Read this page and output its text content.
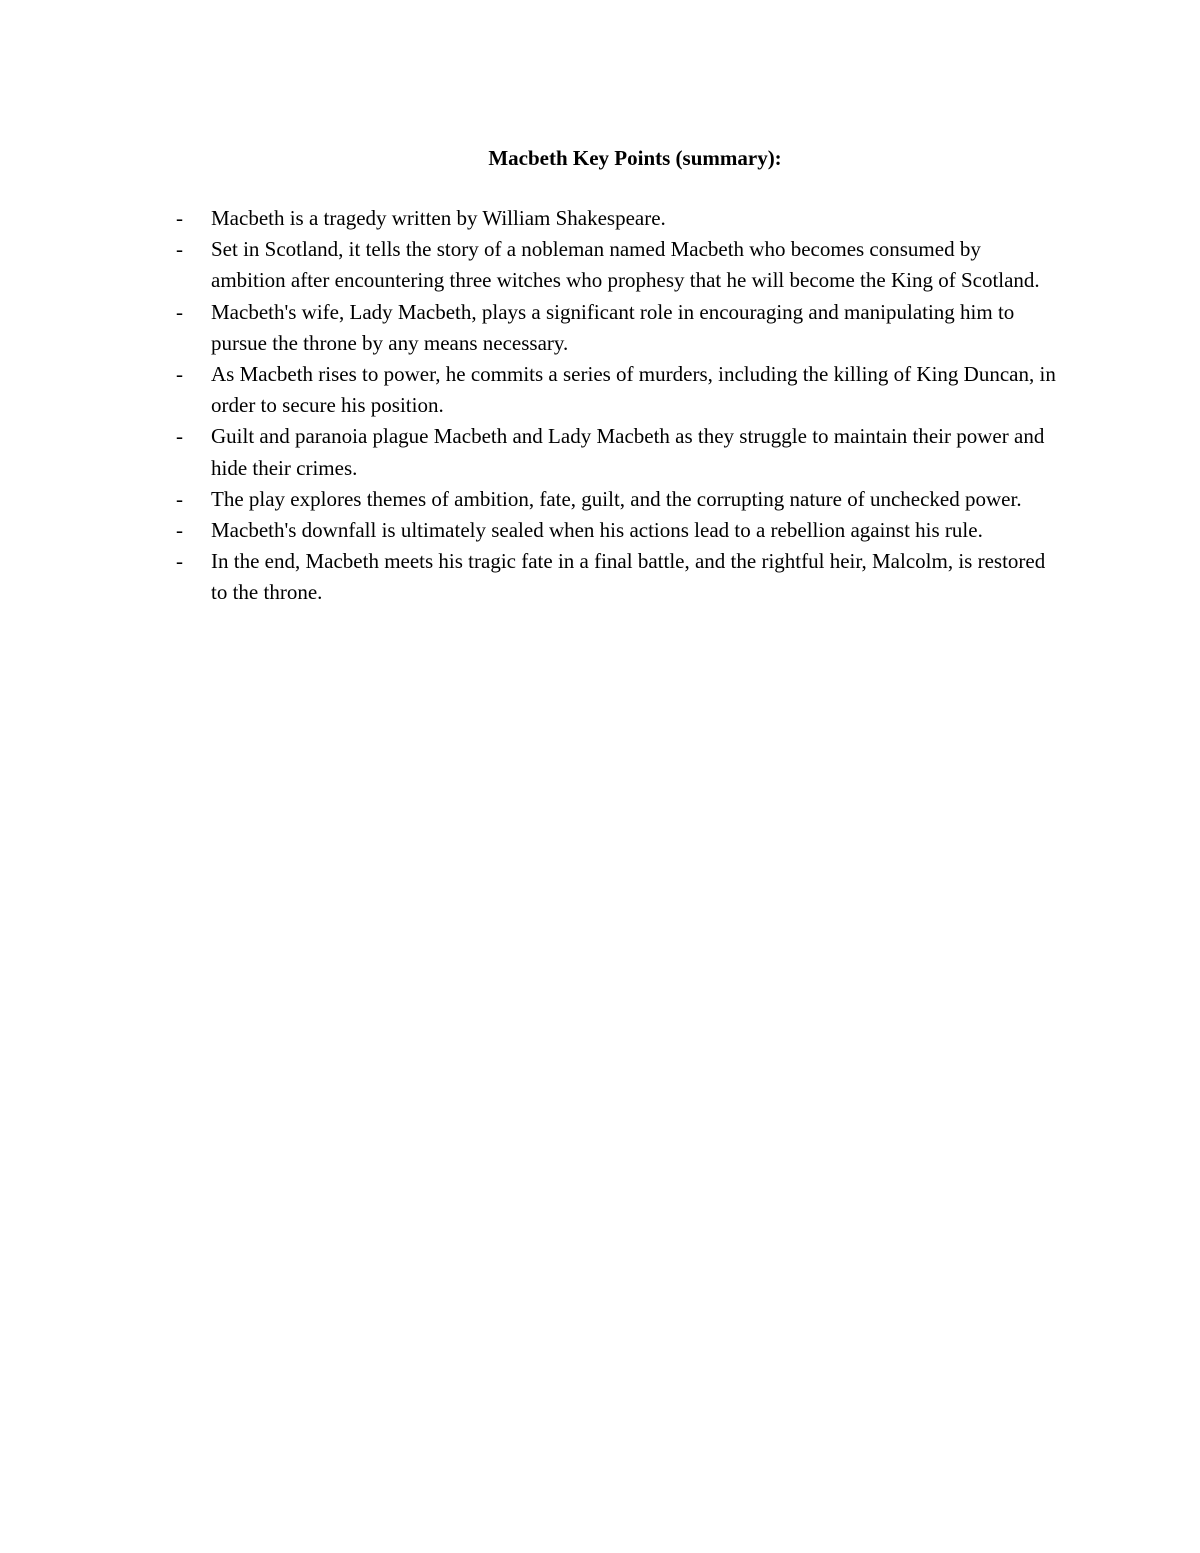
Macbeth Key Points (summary):
- Macbeth is a tragedy written by William Shakespeare.
- Set in Scotland, it tells the story of a nobleman named Macbeth who becomes consumed by ambition after encountering three witches who prophesy that he will become the King of Scotland.
- Macbeth's wife, Lady Macbeth, plays a significant role in encouraging and manipulating him to pursue the throne by any means necessary.
- As Macbeth rises to power, he commits a series of murders, including the killing of King Duncan, in order to secure his position.
- Guilt and paranoia plague Macbeth and Lady Macbeth as they struggle to maintain their power and hide their crimes.
- The play explores themes of ambition, fate, guilt, and the corrupting nature of unchecked power.
- Macbeth's downfall is ultimately sealed when his actions lead to a rebellion against his rule.
- In the end, Macbeth meets his tragic fate in a final battle, and the rightful heir, Malcolm, is restored to the throne.
